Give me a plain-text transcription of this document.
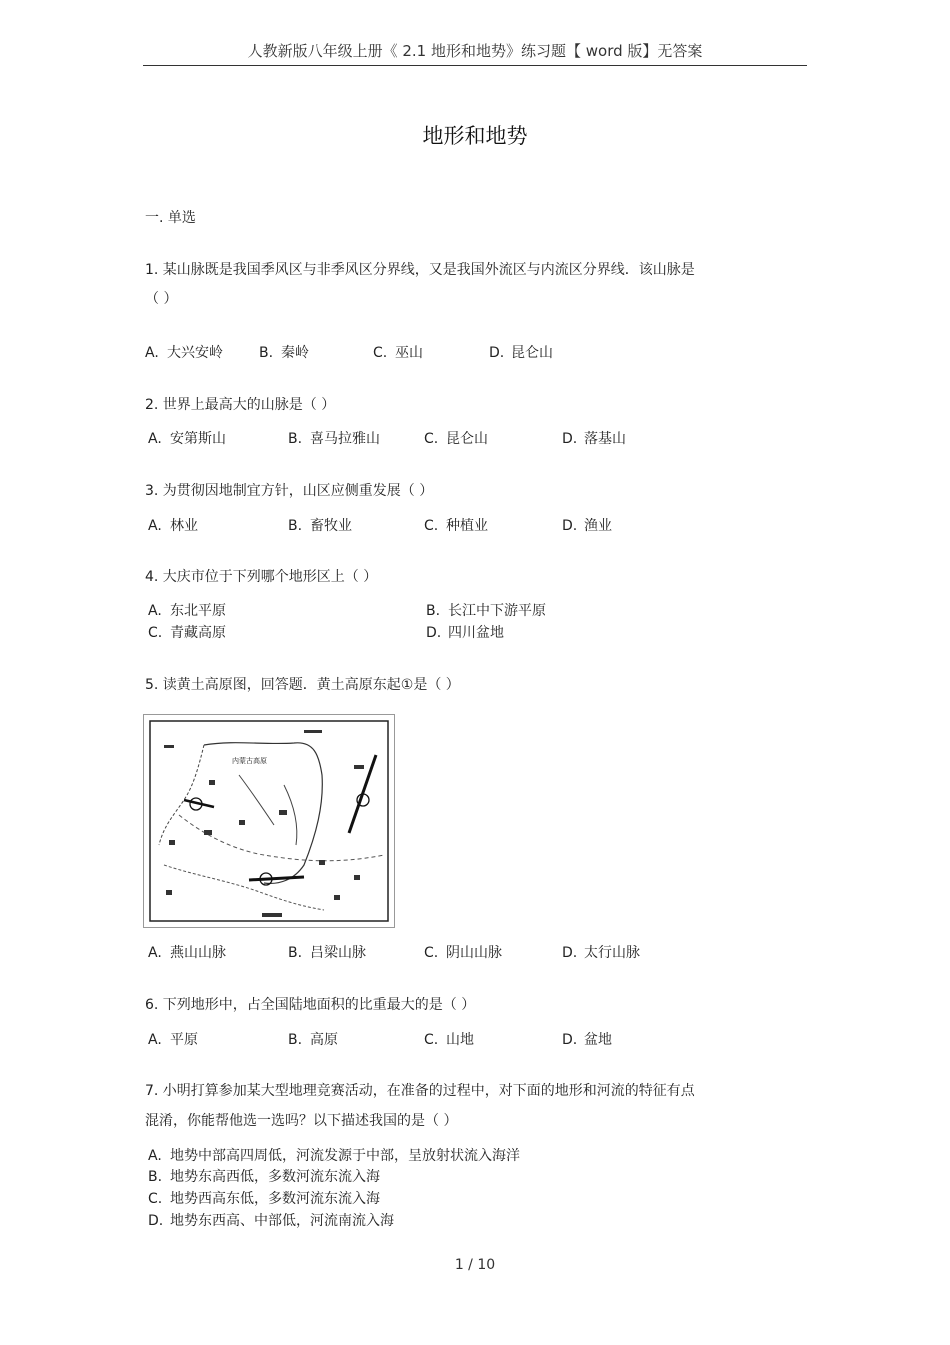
人教新版八年级上册《 2.1 地形和地势》练习题【 word 版】无答案
地形和地势
一. 单选
1. 某山脉既是我国季风区与非季风区分界线，又是我国外流区与内流区分界线．该山脉是
（ ）
A. 大兴安岭	B. 秦岭	C. 巫山	D. 昆仑山
2. 世界上最高大的山脉是（ ）
A. 安第斯山	B. 喜马拉雅山	C. 昆仑山	D. 落基山
3. 为贯彻因地制宜方针，山区应侧重发展（ ）
A. 林业	B. 畜牧业	C. 种植业	D. 渔业
4. 大庆市位于下列哪个地形区上（ ）
A. 东北平原	B. 长江中下游平原
C. 青藏高原	D. 四川盆地
5. 读黄土高原图，回答题．黄土高原东起①是（ ）
内蒙古高原
A. 燕山山脉	B. 吕梁山脉	C. 阴山山脉	D. 太行山脉
6. 下列地形中，占全国陆地面积的比重最大的是（ ）
A. 平原	B. 高原	C. 山地	D. 盆地
7. 小明打算参加某大型地理竞赛活动，在准备的过程中，对下面的地形和河流的特征有点
混淆，你能帮他选一选吗？以下描述我国的是（ ）
A. 地势中部高四周低，河流发源于中部，呈放射状流入海洋
B. 地势东高西低，多数河流东流入海
C. 地势西高东低，多数河流东流入海
D. 地势东西高、中部低，河流南流入海
1 / 10
